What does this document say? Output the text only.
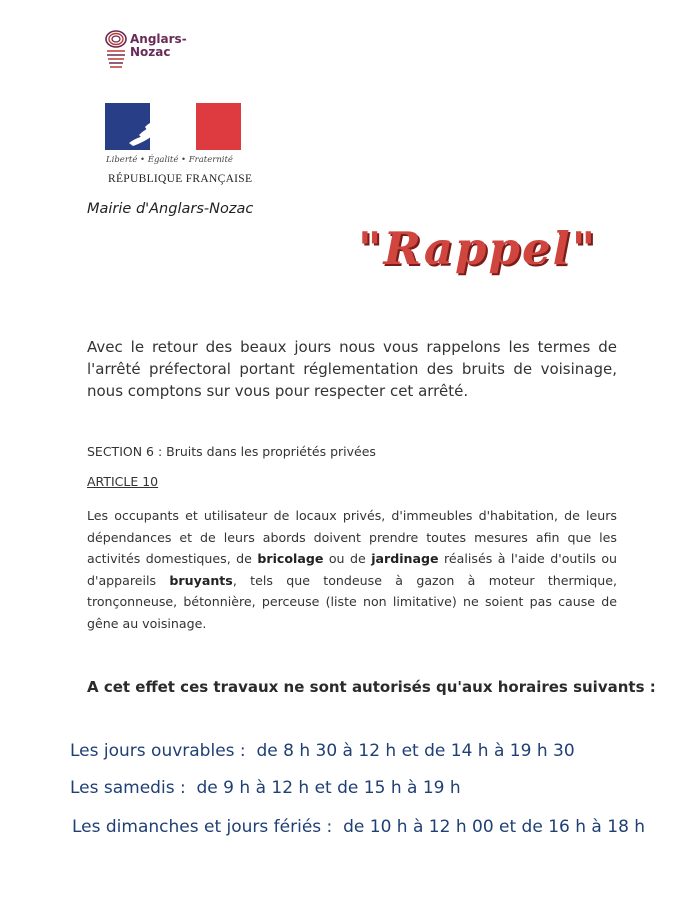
Anglars-
Nozac
Liberté • Égalité • Fraternité
RÉPUBLIQUE FRANÇAISE
Mairie d'Anglars-Nozac
"Rappel"
Avec le retour des beaux jours nous vous rappelons les termes de l'arrêté préfectoral portant réglementation des bruits de voisinage, nous comptons sur vous pour respecter cet arrêté.
SECTION 6 : Bruits dans les propriétés privées
ARTICLE 10
Les occupants et utilisateur de locaux privés, d'immeubles d'habitation, de leurs dépendances et de leurs abords doivent prendre toutes mesures afin que les activités domestiques, de bricolage ou de jardinage réalisés à l'aide d'outils ou d'appareils bruyants, tels que tondeuse à gazon à moteur thermique, tronçonneuse, bétonnière, perceuse (liste non limitative) ne soient pas cause de gêne au voisinage.
A cet effet ces travaux ne sont autorisés qu'aux horaires suivants :
Les jours ouvrables : de 8 h 30 à 12 h et de 14 h à 19 h 30
Les samedis : de 9 h à 12 h et de 15 h à 19 h
Les dimanches et jours fériés : de 10 h à 12 h 00 et de 16 h à 18 h
